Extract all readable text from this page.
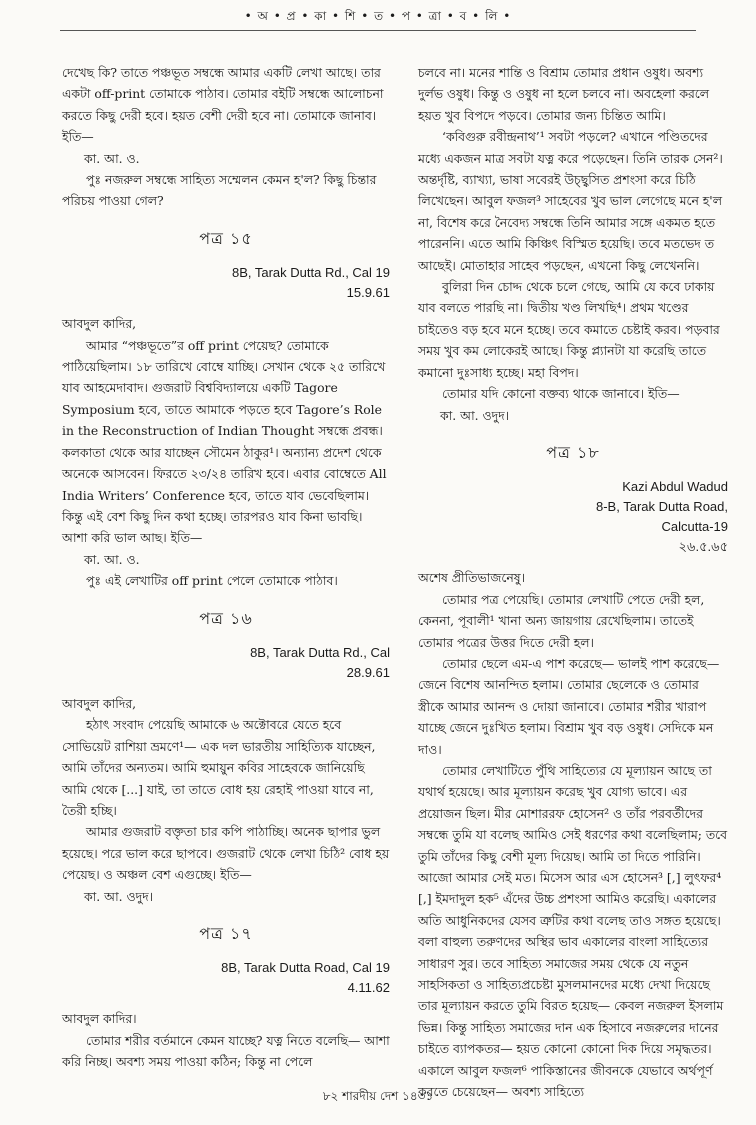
• অ • প্র • কা • শি • ত • প • ত্রা • ব • লি •

দেখেছ কি? তাতে পঞ্চভূত সম্বন্ধে আমার একটি লেখা আছে। তার একটা off-print তোমাকে পাঠাব। তোমার বইটি সম্বন্ধে আলোচনা করতে কিছু দেরী হবে। হয়ত বেশী দেরী হবে না। তোমাকে জানাব। ইতি—

কা. আ. ও.

পুঃ নজরুল সম্বন্ধে সাহিত্য সম্মেলন কেমন হ'ল? কিছু চিন্তার পরিচয় পাওয়া গেল?

পত্র ১৫
8B, Tarak Dutta Rd., Cal 19
15.9.61

আবদুল কাদির,

আমার “পঞ্চভূতে”র off print পেয়েছ? তোমাকে পাঠিয়েছিলাম। ১৮ তারিখে বোম্বে যাচ্ছি। সেখান থেকে ২৫ তারিখে যাব আহমেদাবাদ। গুজরাট বিশ্ববিদ্যালয়ে একটি Tagore Symposium হবে, তাতে আমাকে পড়তে হবে Tagore’s Role in the Reconstruction of Indian Thought সম্বন্ধে প্রবন্ধ। কলকাতা থেকে আর যাচ্ছেন সৌমেন ঠাকুর¹। অন্যান্য প্রদেশ থেকে অনেকে আসবেন। ফিরতে ২৩/২৪ তারিখ হবে। এবার বোম্বেতে All India Writers’ Conference হবে, তাতে যাব ভেবেছিলাম। কিন্তু এই বেশ কিছু দিন কথা হচ্ছে। তারপরও যাব কিনা ভাবছি। আশা করি ভাল আছ। ইতি—

কা. আ. ও.

পুঃ এই লেখাটির off print পেলে তোমাকে পাঠাব।

পত্র ১৬
8B, Tarak Dutta Rd., Cal
28.9.61

আবদুল কাদির,

হঠাৎ সংবাদ পেয়েছি আমাকে ৬ অক্টোবরে যেতে হবে সোভিয়েট রাশিয়া ভ্রমণে¹— এক দল ভারতীয় সাহিত্যিক যাচ্ছেন, আমি তাঁদের অন্যতম। আমি হুমায়ুন কবির সাহেবকে জানিয়েছি আমি থেকে [...] যাই, তা তাতে বোধ হয় রেহাই পাওয়া যাবে না, তৈরী হচ্ছি।

আমার গুজরাট বক্তৃতা চার কপি পাঠাচ্ছি। অনেক ছাপার ভুল হয়েছে। পরে ভাল করে ছাপবে। গুজরাট থেকে লেখা চিঠি² বোধ হয় পেয়েছ। ও অঞ্চল বেশ এগুচ্ছে। ইতি—

কা. আ. ওদুদ।

পত্র ১৭
8B, Tarak Dutta Road, Cal 19
4.11.62

আবদুল কাদির।

তোমার শরীর বর্তমানে কেমন যাচ্ছে? যত্ন নিতে বলেছি— আশা করি নিচ্ছ। অবশ্য সময় পাওয়া কঠিন; কিন্তু না পেলে

চলবে না। মনের শান্তি ও বিশ্রাম তোমার প্রধান ওষুধ। অবশ্য দুর্লভ ওষুধ। কিন্তু ও ওষুধ না হলে চলবে না। অবহেলা করলে হয়ত খুব বিপদে পড়বে। তোমার জন্য চিন্তিত আমি।

‘কবিগুরু রবীন্দ্রনাথ’¹ সবটা পড়লে? এখানে পণ্ডিতদের মধ্যে একজন মাত্র সবটা যত্ন করে পড়েছেন। তিনি তারক সেন²। অন্তর্দৃষ্টি, ব্যাখ্যা, ভাষা সবেরই উচ্ছ্বসিত প্রশংসা করে চিঠি লিখেছেন। আবুল ফজল³ সাহেবের খুব ভাল লেগেছে মনে হ'ল না, বিশেষ করে নৈবেদ্য সম্বন্ধে তিনি আমার সঙ্গে একমত হতে পারেননি। এতে আমি কিঞ্চিৎ বিস্মিত হয়েছি। তবে মতভেদ ত আছেই। মোতাহার সাহেব পড়ছেন, এখনো কিছু লেখেননি।

বুলিরা দিন চোদ্দ থেকে চলে গেছে, আমি যে কবে ঢাকায় যাব বলতে পারছি না। দ্বিতীয় খণ্ড লিখছি⁴। প্রথম খণ্ডের চাইতেও বড় হবে মনে হচ্ছে। তবে কমাতে চেষ্টাই করব। পড়বার সময় খুব কম লোকেরই আছে। কিন্তু প্ল্যানটা যা করেছি তাতে কমানো দুঃসাধ্য হচ্ছে। মহা বিপদ।

তোমার যদি কোনো বক্তব্য থাকে জানাবে। ইতি—

কা. আ. ওদুদ।

পত্র ১৮
Kazi Abdul Wadud
8-B, Tarak Dutta Road,
Calcutta-19
২৬.৫.৬৫

অশেষ প্রীতিভাজনেষু।

তোমার পত্র পেয়েছি। তোমার লেখাটি পেতে দেরী হল, কেননা, পূবালী¹ খানা অন্য জায়গায় রেখেছিলাম। তাতেই তোমার পত্রের উত্তর দিতে দেরী হল।

তোমার ছেলে এম-এ পাশ করেছে— ভালই পাশ করেছে— জেনে বিশেষ আনন্দিত হলাম। তোমার ছেলেকে ও তোমার স্ত্রীকে আমার আনন্দ ও দোয়া জানাবে। তোমার শরীর খারাপ যাচ্ছে জেনে দুঃখিত হলাম। বিশ্রাম খুব বড় ওষুধ। সেদিকে মন দাও।

তোমার লেখাটিতে পুঁথি সাহিত্যের যে মূল্যায়ন আছে তা যথার্থ হয়েছে। আর মূল্যায়ন করেছ খুব যোগ্য ভাবে। এর প্রয়োজন ছিল। মীর মোশাররফ হোসেন² ও তাঁর পরবর্তীদের সম্বন্ধে তুমি যা বলেছ আমিও সেই ধরণের কথা বলেছিলাম; তবে তুমি তাঁদের কিছু বেশী মূল্য দিয়েছ। আমি তা দিতে পারিনি। আজো আমার সেই মত। মিসেস আর এস হোসেন³ [,] লুৎফর⁴ [,] ইমদাদুল হক⁵ এঁদের উচ্চ প্রশংসা আমিও করেছি। একালের অতি আধুনিকদের যেসব ত্রুটির কথা বলেছ তাও সঙ্গত হয়েছে। বলা বাহুল্য তরুণদের অস্থির ভাব একালের বাংলা সাহিত্যের সাধারণ সুর। তবে সাহিত্য সমাজের সময় থেকে যে নতুন সাহসিকতা ও সাহিত্যপ্রচেষ্টা মুসলমানদের মধ্যে দেখা দিয়েছে তার মূল্যায়ন করতে তুমি বিরত হয়েছ— কেবল নজরুল ইসলাম ভিন্ন। কিন্তু সাহিত্য সমাজের দান এক হিসাবে নজরুলের দানের চাইতে ব্যাপকতর— হয়ত কোনো কোনো দিক দিয়ে সমৃদ্ধতর। একালে আবুল ফজল⁶ পাকিস্তানের জীবনকে যেভাবে অর্থপূর্ণ করতে চেয়েছেন— অবশ্য সাহিত্যে

৮২ শারদীয় দেশ ১৪৩১
